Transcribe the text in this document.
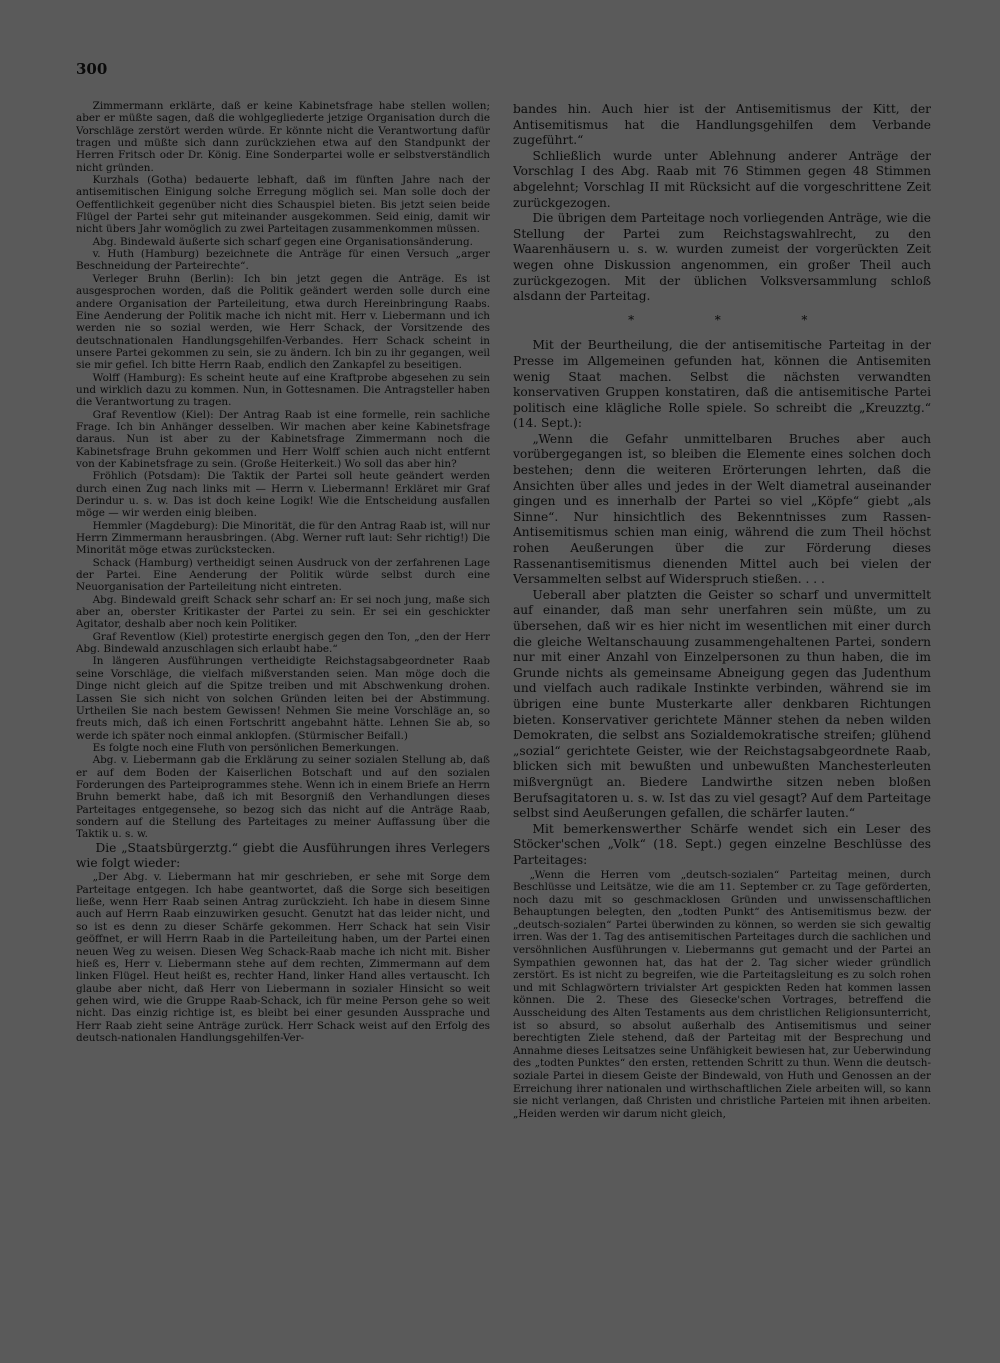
300

Zimmermann erklärte, daß er keine Kabinetsfrage habe stellen wollen; aber er müßte sagen, daß die wohlgegliederte jetzige Organisation durch die Vorschläge zerstört werden würde. Er könnte nicht die Verantwortung dafür tragen und müßte sich dann zurückziehen etwa auf den Standpunkt der Herren Fritsch oder Dr. König. Eine Sonderpartei wolle er selbstverständlich nicht gründen.

Kurzhals (Gotha) bedauerte lebhaft, daß im fünften Jahre nach der antisemitischen Einigung solche Erregung möglich sei. Man solle doch der Oeffentlichkeit gegenüber nicht dies Schauspiel bieten. Bis jetzt seien beide Flügel der Partei sehr gut miteinander ausgekommen. Seid einig, damit wir nicht übers Jahr womöglich zu zwei Parteitagen zusammenkommen müssen.

Abg. Bindewald äußerte sich scharf gegen eine Organisationsänderung.

v. Huth (Hamburg) bezeichnete die Anträge für einen Versuch „arger Beschneidung der Parteirechte“.

Verleger Bruhn (Berlin): Ich bin jetzt gegen die Anträge. Es ist ausgesprochen worden, daß die Politik geändert werden solle durch eine andere Organisation der Parteileitung, etwa durch Hereinbringung Raabs. Eine Aenderung der Politik mache ich nicht mit. Herr v. Liebermann und ich werden nie so sozial werden, wie Herr Schack, der Vorsitzende des deutschnationalen Handlungsgehilfen-Verbandes. Herr Schack scheint in unsere Partei gekommen zu sein, sie zu ändern. Ich bin zu ihr gegangen, weil sie mir gefiel. Ich bitte Herrn Raab, endlich den Zankapfel zu beseitigen.

Wolff (Hamburg): Es scheint heute auf eine Kraftprobe abgesehen zu sein und wirklich dazu zu kommen. Nun, in Gottesnamen. Die Antragsteller haben die Verantwortung zu tragen.

Graf Reventlow (Kiel): Der Antrag Raab ist eine formelle, rein sachliche Frage. Ich bin Anhänger desselben. Wir machen aber keine Kabinetsfrage daraus. Nun ist aber zu der Kabinetsfrage Zimmermann noch die Kabinetsfrage Bruhn gekommen und Herr Wolff schien auch nicht entfernt von der Kabinetsfrage zu sein. (Große Heiterkeit.) Wo soll das aber hin?

Fröhlich (Potsdam): Die Taktik der Partei soll heute geändert werden durch einen Zug nach links mit — Herrn v. Liebermann! Erkläret mir Graf Derindur u. s. w. Das ist doch keine Logik! Wie die Entscheidung ausfallen möge — wir werden einig bleiben.

Hemmler (Magdeburg): Die Minorität, die für den Antrag Raab ist, will nur Herrn Zimmermann herausbringen. (Abg. Werner ruft laut: Sehr richtig!) Die Minorität möge etwas zurückstecken.

Schack (Hamburg) vertheidigt seinen Ausdruck von der zerfahrenen Lage der Partei. Eine Aenderung der Politik würde selbst durch eine Neuorganisation der Parteileitung nicht eintreten.

Abg. Bindewald greift Schack sehr scharf an: Er sei noch jung, maße sich aber an, oberster Kritikaster der Partei zu sein. Er sei ein geschickter Agitator, deshalb aber noch kein Politiker.

Graf Reventlow (Kiel) protestirte energisch gegen den Ton, „den der Herr Abg. Bindewald anzuschlagen sich erlaubt habe.“

In längeren Ausführungen vertheidigte Reichstagsabgeordneter Raab seine Vorschläge, die vielfach mißverstanden seien. Man möge doch die Dinge nicht gleich auf die Spitze treiben und mit Abschwenkung drohen. Lassen Sie sich nicht von solchen Gründen leiten bei der Abstimmung. Urtheilen Sie nach bestem Gewissen! Nehmen Sie meine Vorschläge an, so freuts mich, daß ich einen Fortschritt angebahnt hätte. Lehnen Sie ab, so werde ich später noch einmal anklopfen. (Stürmischer Beifall.)

Es folgte noch eine Fluth von persönlichen Bemerkungen.

Abg. v. Liebermann gab die Erklärung zu seiner sozialen Stellung ab, daß er auf dem Boden der Kaiserlichen Botschaft und auf den sozialen Forderungen des Parteiprogrammes stehe. Wenn ich in einem Briefe an Herrn Bruhn bemerkt habe, daß ich mit Besorgniß den Verhandlungen dieses Parteitages entgegensehe, so bezog sich das nicht auf die Anträge Raab, sondern auf die Stellung des Parteitages zu meiner Auffassung über die Taktik u. s. w.

Die „Staatsbürgerztg.“ giebt die Ausführungen ihres Verlegers wie folgt wieder:

„Der Abg. v. Liebermann hat mir geschrieben, er sehe mit Sorge dem Parteitage entgegen. Ich habe geantwortet, daß die Sorge sich beseitigen ließe, wenn Herr Raab seinen Antrag zurückzieht. Ich habe in diesem Sinne auch auf Herrn Raab einzuwirken gesucht. Genutzt hat das leider nicht, und so ist es denn zu dieser Schärfe gekommen. Herr Schack hat sein Visir geöffnet, er will Herrn Raab in die Parteileitung haben, um der Partei einen neuen Weg zu weisen. Diesen Weg Schack-Raab mache ich nicht mit. Bisher hieß es, Herr v. Liebermann stehe auf dem rechten, Zimmermann auf dem linken Flügel. Heut heißt es, rechter Hand, linker Hand alles vertauscht. Ich glaube aber nicht, daß Herr von Liebermann in sozialer Hinsicht so weit gehen wird, wie die Gruppe Raab-Schack, ich für meine Person gehe so weit nicht. Das einzig richtige ist, es bleibt bei einer gesunden Aussprache und Herr Raab zieht seine Anträge zurück. Herr Schack weist auf den Erfolg des deutsch-nationalen Handlungsgehilfen-Ver-

bandes hin. Auch hier ist der Antisemitismus der Kitt, der Antisemitismus hat die Handlungsgehilfen dem Verbande zugeführt.“

Schließlich wurde unter Ablehnung anderer Anträge der Vorschlag I des Abg. Raab mit 76 Stimmen gegen 48 Stimmen abgelehnt; Vorschlag II mit Rücksicht auf die vorgeschrittene Zeit zurückgezogen.

Die übrigen dem Parteitage noch vorliegenden Anträge, wie die Stellung der Partei zum Reichstagswahlrecht, zu den Waarenhäusern u. s. w. wurden zumeist der vorgerückten Zeit wegen ohne Diskussion angenommen, ein großer Theil auch zurückgezogen. Mit der üblichen Volksversammlung schloß alsdann der Parteitag.

* * *

Mit der Beurtheilung, die der antisemitische Parteitag in der Presse im Allgemeinen gefunden hat, können die Antisemiten wenig Staat machen. Selbst die nächsten verwandten konservativen Gruppen konstatiren, daß die antisemitische Partei politisch eine klägliche Rolle spiele. So schreibt die „Kreuzztg.“ (14. Sept.):

„Wenn die Gefahr unmittelbaren Bruches aber auch vorübergegangen ist, so bleiben die Elemente eines solchen doch bestehen; denn die weiteren Erörterungen lehrten, daß die Ansichten über alles und jedes in der Welt diametral auseinander gingen und es innerhalb der Partei so viel „Köpfe“ giebt „als Sinne“. Nur hinsichtlich des Bekenntnisses zum Rassen-Antisemitismus schien man einig, während die zum Theil höchst rohen Aeußerungen über die zur Förderung dieses Rassenantisemitismus dienenden Mittel auch bei vielen der Versammelten selbst auf Widerspruch stießen. . . .

Ueberall aber platzten die Geister so scharf und unvermittelt auf einander, daß man sehr unerfahren sein müßte, um zu übersehen, daß wir es hier nicht im wesentlichen mit einer durch die gleiche Weltanschauung zusammengehaltenen Partei, sondern nur mit einer Anzahl von Einzelpersonen zu thun haben, die im Grunde nichts als gemeinsame Abneigung gegen das Judenthum und vielfach auch radikale Instinkte verbinden, während sie im übrigen eine bunte Musterkarte aller denkbaren Richtungen bieten. Konservativer gerichtete Männer stehen da neben wilden Demokraten, die selbst ans Sozialdemokratische streifen; glühend „sozial“ gerichtete Geister, wie der Reichstagsabgeordnete Raab, blicken sich mit bewußten und unbewußten Manchesterleuten mißvergnügt an. Biedere Landwirthe sitzen neben bloßen Berufsagitatoren u. s. w. Ist das zu viel gesagt? Auf dem Parteitage selbst sind Aeußerungen gefallen, die schärfer lauten.“

Mit bemerkenswerther Schärfe wendet sich ein Leser des Stöcker'schen „Volk“ (18. Sept.) gegen einzelne Beschlüsse des Parteitages:

„Wenn die Herren vom „deutsch-sozialen“ Parteitag meinen, durch Beschlüsse und Leitsätze, wie die am 11. September cr. zu Tage geförderten, noch dazu mit so geschmacklosen Gründen und unwissenschaftlichen Behauptungen belegten, den „todten Punkt“ des Antisemitismus bezw. der „deutsch-sozialen“ Partei überwinden zu können, so werden sie sich gewaltig irren. Was der 1. Tag des antisemitischen Parteitages durch die sachlichen und versöhnlichen Ausführungen v. Liebermanns gut gemacht und der Partei an Sympathien gewonnen hat, das hat der 2. Tag sicher wieder gründlich zerstört. Es ist nicht zu begreifen, wie die Parteitagsleitung es zu solch rohen und mit Schlagwörtern trivialster Art gespickten Reden hat kommen lassen können. Die 2. These des Giesecke'schen Vortrages, betreffend die Ausscheidung des Alten Testaments aus dem christlichen Religionsunterricht, ist so absurd, so absolut außerhalb des Antisemitismus und seiner berechtigten Ziele stehend, daß der Parteitag mit der Besprechung und Annahme dieses Leitsatzes seine Unfähigkeit bewiesen hat, zur Ueberwindung des „todten Punktes“ den ersten, rettenden Schritt zu thun. Wenn die deutsch-soziale Partei in diesem Geiste der Bindewald, von Huth und Genossen an der Erreichung ihrer nationalen und wirthschaftlichen Ziele arbeiten will, so kann sie nicht verlangen, daß Christen und christliche Parteien mit ihnen arbeiten. „Heiden werden wir darum nicht gleich,
